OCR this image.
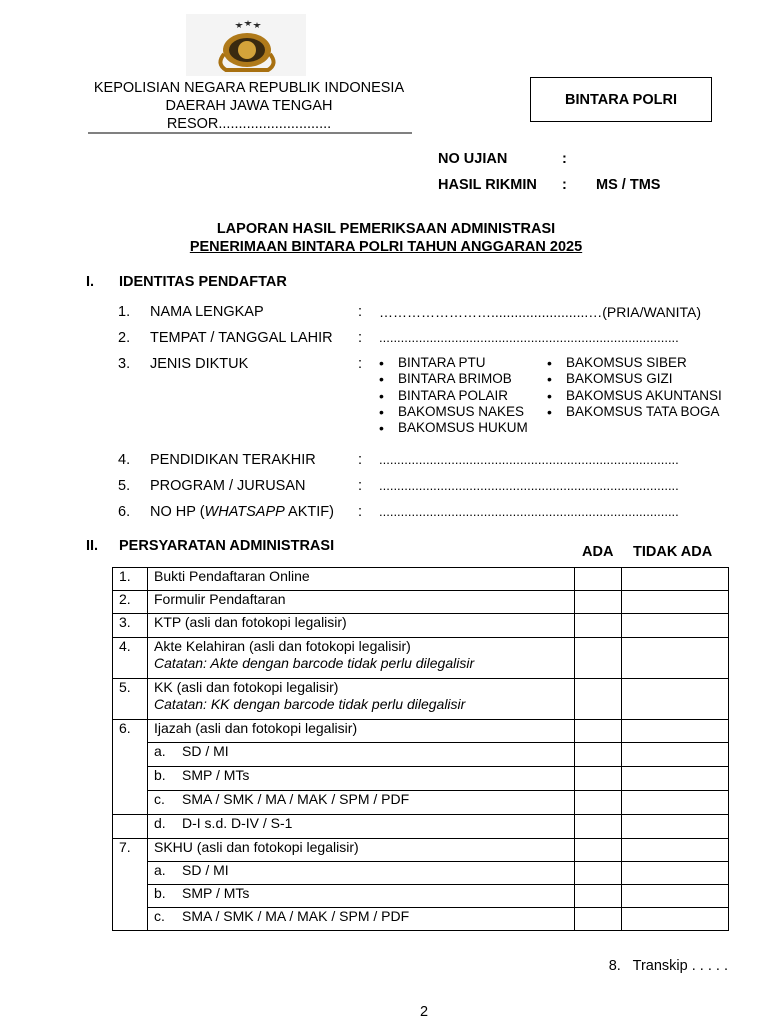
KEPOLISIAN NEGARA REPUBLIK INDONESIA
DAERAH JAWA TENGAH
RESOR............................
BINTARA POLRI
NO UJIAN	:
HASIL RIKMIN : MS / TMS
LAPORAN HASIL PEMERIKSAAN ADMINISTRASI
PENERIMAAN BINTARA POLRI TAHUN ANGGARAN 2025
I. IDENTITAS PENDAFTAR
1. NAMA LENGKAP	: …………………….........................…(PRIA/WANITA)
2. TEMPAT / TANGGAL LAHIR : ...................................................................................
3. JENIS DIKTUK	:	• BINTARA PTU
• BINTARA BRIMOB
• BINTARA POLAIR
• BAKOMSUS NAKES
• BAKOMSUS HUKUM
• BAKOMSUS SIBER
• BAKOMSUS GIZI
• BAKOMSUS AKUNTANSI
• BAKOMSUS TATA BOGA
4. PENDIDIKAN TERAKHIR	: ...................................................................................
5. PROGRAM / JURUSAN	: ...................................................................................
6. NO HP (WHATSAPP AKTIF) : ...................................................................................
II. PERSYARATAN ADMINISTRASI	ADA TIDAK ADA
1.	Bukti Pendaftaran Online		
2.	Formulir Pendaftaran		
3.	KTP (asli dan fotokopi legalisir)		
4.	Akte Kelahiran (asli dan fotokopi legalisir)
Catatan: Akte dengan barcode tidak perlu dilegalisir		

5.	KK (asli dan fotokopi legalisir)
Catatan: KK dengan barcode tidak perlu dilegalisir		

6.	Ijazah (asli dan fotokopi legalisir)		
	a. SD / MI		
	b. SMP / MTs		
	c. SMA / SMK / MA / MAK / SPM / PDF		
	d. D-I s.d. D-IV / S-1		
7.	SKHU (asli dan fotokopi legalisir)		
	a. SD / MI		
	b. SMP / MTs		
	c. SMA / SMK / MA / MAK / SPM / PDF		
8.   Transkip . . . . .
2
